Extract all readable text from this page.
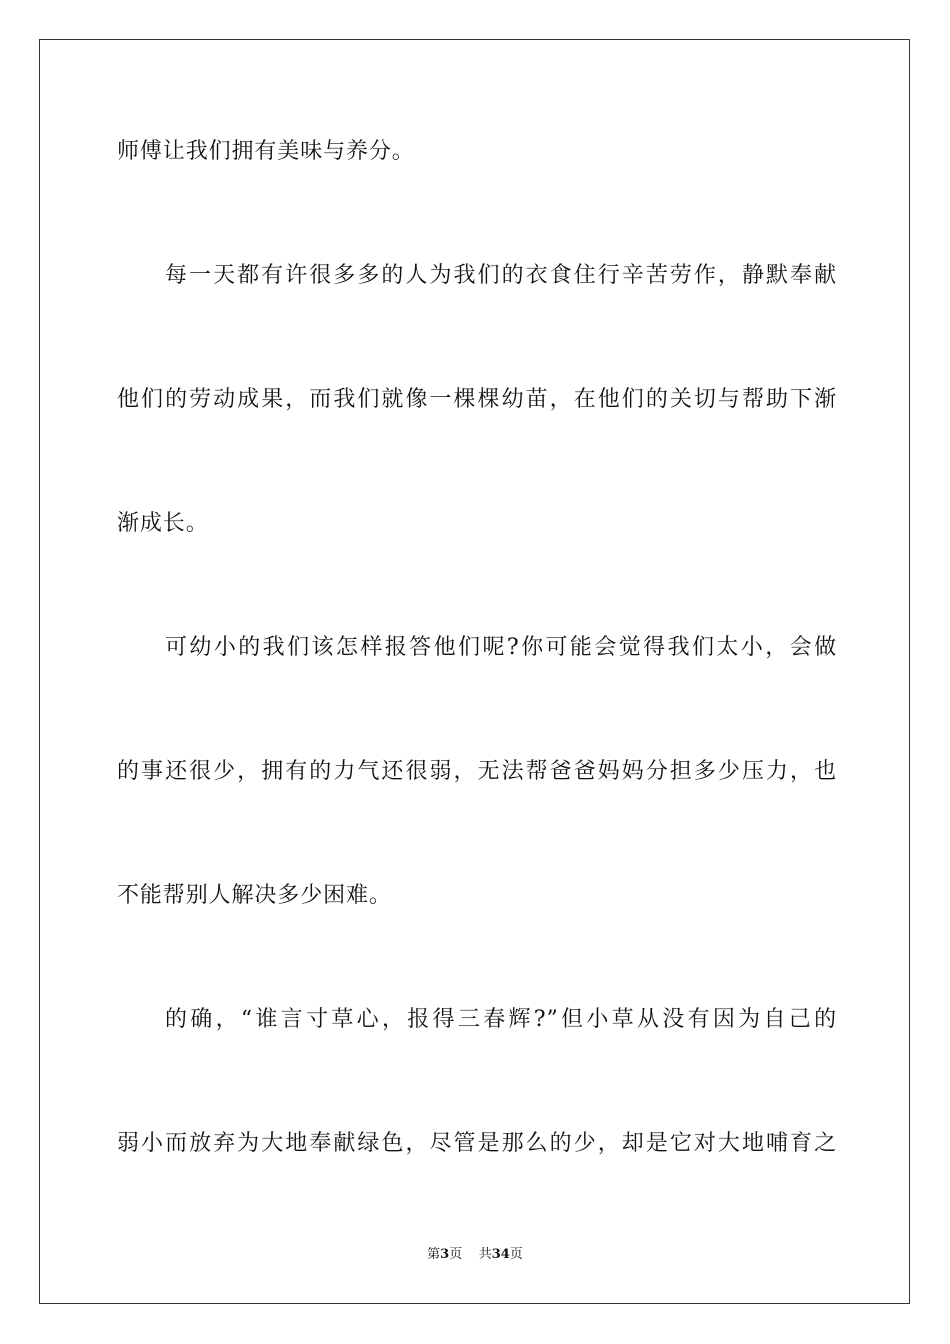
师傅让我们拥有美味与养分。
每一天都有许很多多的人为我们的衣食住行辛苦劳作，静默奉献
他们的劳动成果，而我们就像一棵棵幼苗，在他们的关切与帮助下渐
渐成长。
可幼小的我们该怎样报答他们呢?你可能会觉得我们太小，会做
的事还很少，拥有的力气还很弱，无法帮爸爸妈妈分担多少压力，也
不能帮别人解决多少困难。
的确，“谁言寸草心，报得三春辉?”但小草从没有因为自己的
弱小而放弃为大地奉献绿色，尽管是那么的少，却是它对大地哺育之
第3页 共34页
